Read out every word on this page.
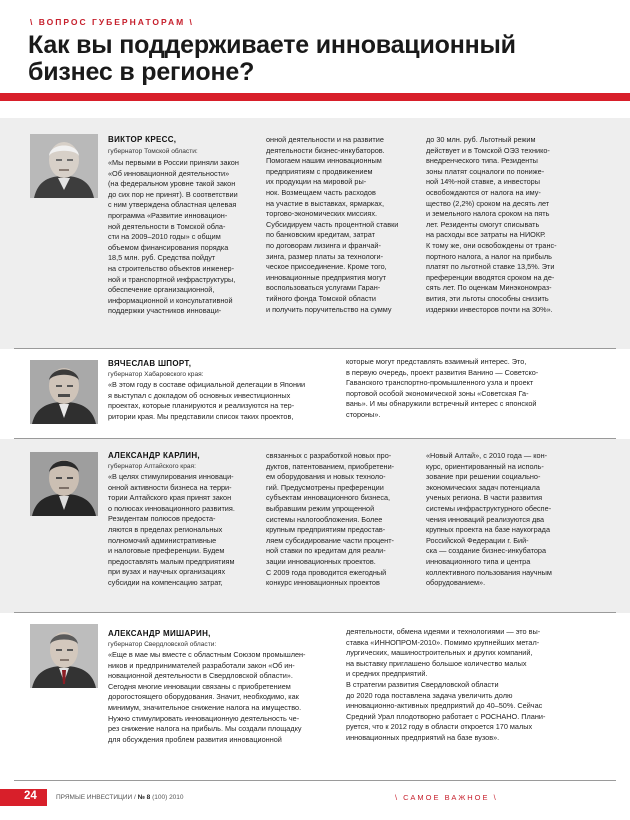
\ ВОПРОС ГУБЕРНАТОРАМ \
Как вы поддерживаете инновационный
бизнес в регионе?
ВИКТОР КРЕСС,
губернатор Томской области:
«Мы первыми в России приняли закон
«Об инновационной деятельности»
(на федеральном уровне такой закон
до сих пор не принят). В соответствии
с ним утверждена областная целевая
программа «Развитие инновацион-
ной деятельности в Томской обла-
сти на 2009–2010 годы» с общим
объемом финансирования порядка
18,5 млн. руб. Средства пойдут
на строительство объектов инженер-
ной и транспортной инфраструктуры,
обеспечение организационной,
информационной и консультативной
поддержки участников инноваци-
онной деятельности и на развитие
деятельности бизнес-инкубаторов.
Помогаем нашим инновационным
предприятиям с продвижением
их продукции на мировой ры-
нок. Возмещаем часть расходов
на участие в выставках, ярмарках,
торгово-экономических миссиях.
Субсидируем часть процентной ставки
по банковским кредитам, затрат
по договорам лизинга и франчай-
зинга, размер платы за технологи-
ческое присоединение. Кроме того,
инновационные предприятия могут
воспользоваться услугами Гаран-
тийного фонда Томской области
и получить поручительство на сумму
до 30 млн. руб. Льготный режим
действует и в Томской ОЭЗ технико-
внедренческого типа. Резиденты
зоны платят соцналоги по пониже-
ной 14%-ной ставке, а инвесторы
освобождаются от налога на иму-
щество (2,2%) сроком на десять лет
и земельного налога сроком на пять
лет. Резиденты смогут списывать
на расходы все затраты на НИОКР.
К тому же, они освобождены от транс-
портного налога, а налог на прибыль
платят по льготной ставке 13,5%. Эти
преференции вводятся сроком на де-
сять лет. По оценкам Минэкономраз-
вития, эти льготы способны снизить
издержки инвесторов почти на 30%».
ВЯЧЕСЛАВ ШПОРТ,
губернатор Хабаровского края:
«В этом году в составе официальной делегации в Японии
я выступал с докладом об основных инвестиционных
проектах, которые планируются и реализуются на тер-
ритории края. Мы представили список таких проектов,
которые могут представлять взаимный интерес. Это,
в первую очередь, проект развития Ванино — Советско-
Гаванского транспортно-промышленного узла и проект
портовой особой экономической зоны «Советская Га-
вань». И мы обнаружили встречный интерес с японской
стороны».
АЛЕКСАНДР КАРЛИН,
губернатор Алтайского края:
«В целях стимулирования инновaци-
онной активности бизнеса на терри-
тории Алтайского края принят закон
о полюсах инновационного развития.
Резидентам полюсов предоста-
ляются в пределах региональных
полномочий административные
и налоговые преференции. Будем
предоставлять малым предприятиям
при вузах и научных организациях
субсидии на компенсацию затрат,
связанных с разработкой новых про-
дуктов, патентованием, приобретени-
ем оборудования и новых техноло-
гий. Предусмотрены преференции
субъектам инновационного бизнеса,
выбравшим режим упрощенной
системы налогообложения. Более
крупным предприятиям предостав-
ляем субсидирование части процент-
ной ставки по кредитам для реали-
зации инновационных проектов.
С 2009 года проводится ежегодный
конкурс инновационных проектов
«Новый Алтай», с 2010 года — кон-
курс, ориентированный на исполь-
зование при решении социально-
экономических задач потенциала
ученых региона. В части развития
системы инфраструктурного обеспе-
чения инноваций реализуются два
крупных проекта на базе наукограда
Российской Федерации г. Бий-
ска — создание бизнес-инкубатора
инновационного типа и центра
коллективного пользования научным
оборудованием».
АЛЕКСАНДР МИШАРИН,
губернатор Свердловской области:
«Еще в мае мы вместе с областным Союзом промышлен-
ников и предпринимателей разработали закон «Об ин-
новационной деятельности в Свердловской области».
Сегодня многие инновации связаны с приобретением
дорогостоящего оборудования. Значит, необходимо, как
минимум, значительное снижение налога на имущество.
Нужно стимулировать инновационную деятельность че-
рез снижение налога на прибыль. Мы создали площадку
для обсуждения проблем развития инновационной
деятельности, обмена идеями и технологиями — это вы-
ставка «ИННОПРОМ-2010». Помимо крупнейших метал-
лургических, машиностроительных и других компаний,
на выставку приглашено большое количество малых
и средних предприятий.
В стратегии развития Свердловской области
до 2020 года поставлена задача увеличить долю
инновационно-активных предприятий до 40–50%. Сейчас
Средний Урал плодотворно работает с РОСНАНО. Плани-
руется, что к 2012 году в области откроется 170 малых
инновационных предприятий на базе вузов».
24	ПРЯМЫЕ ИНВЕСТИЦИИ / № 8 (100) 2010	\ САМОЕ ВАЖНОЕ \
